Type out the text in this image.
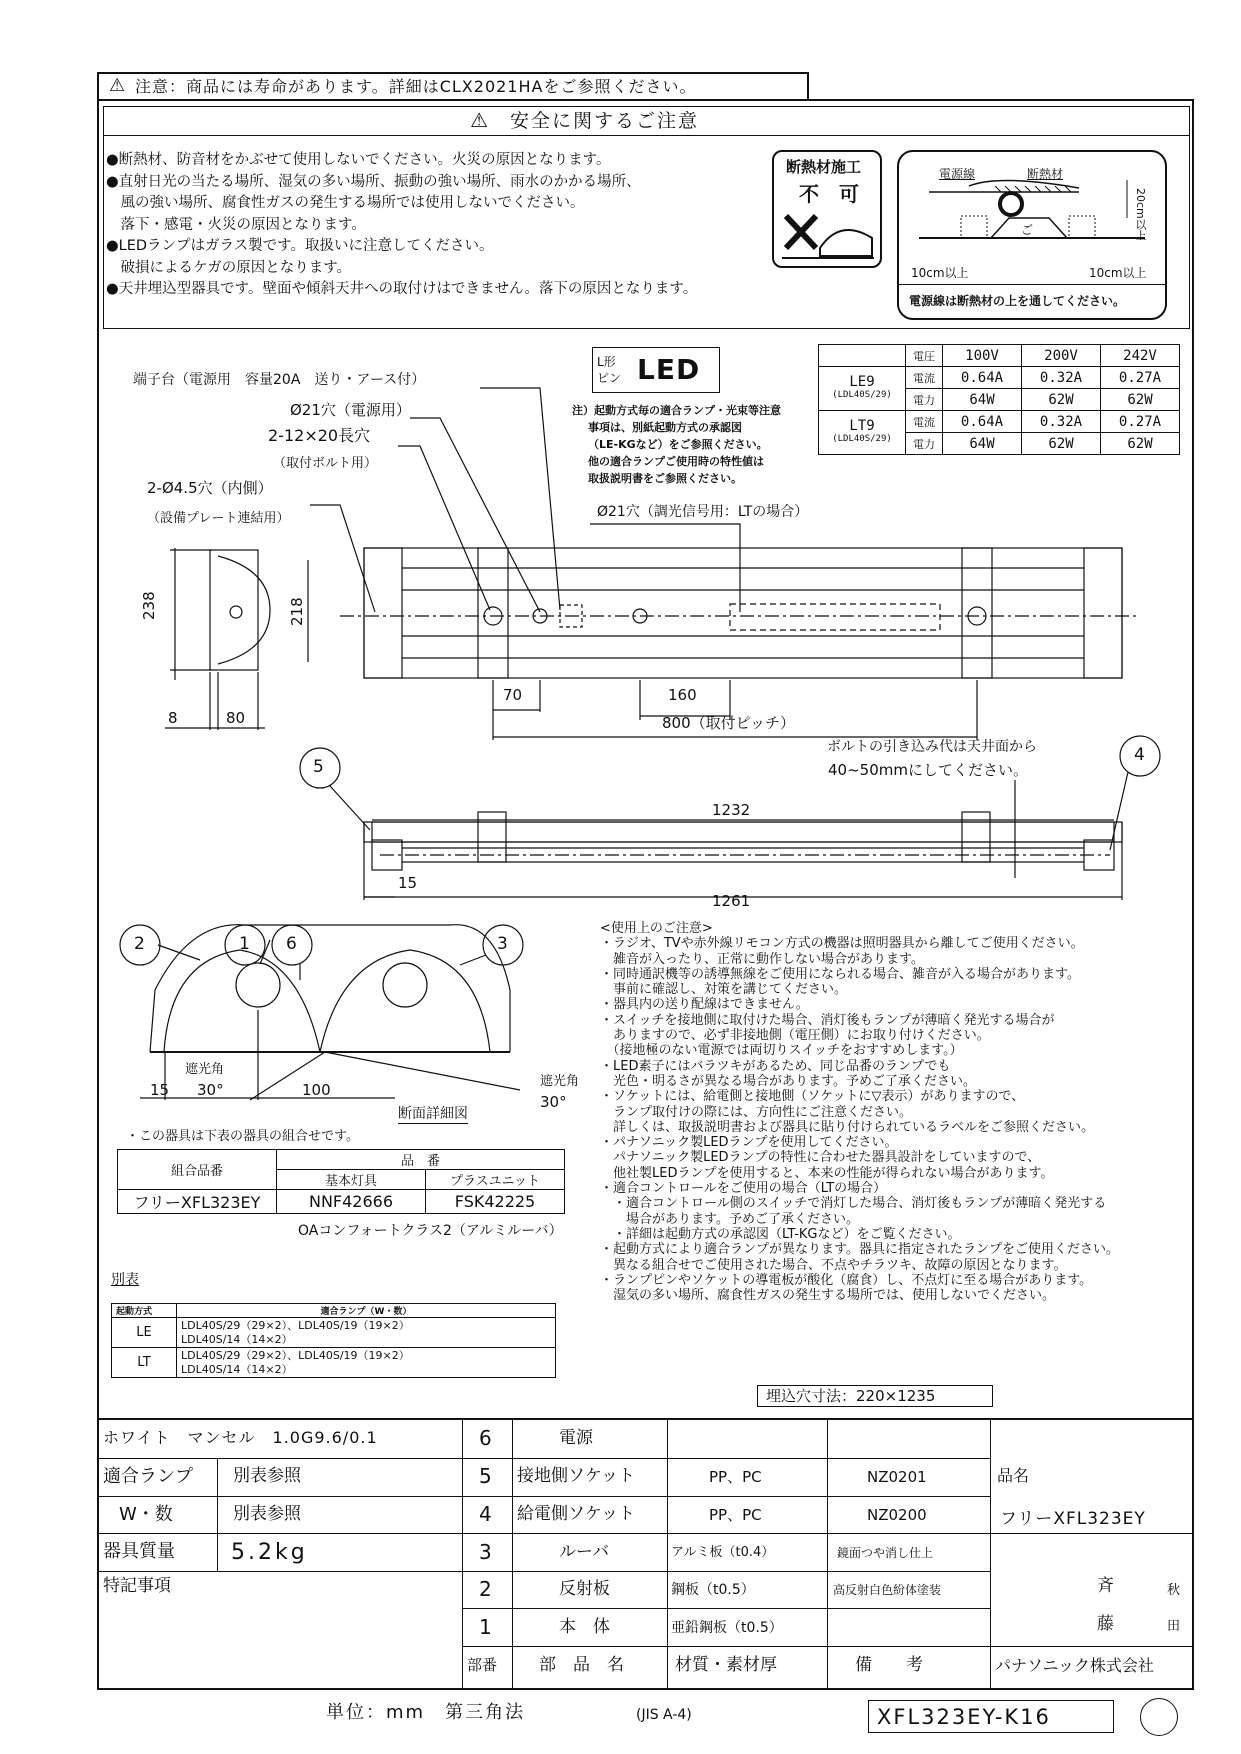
⚠ 注意：商品には寿命があります。詳細はCLX2021HAをご参照ください。
⚠ 安全に関するご注意
●断熱材、防音材をかぶせて使用しないでください。火災の原因となります。
●直射日光の当たる場所、湿気の多い場所、振動の強い場所、雨水のかかる場所、
　風の強い場所、腐食性ガスの発生する場所では使用しないでください。
　落下・感電・火災の原因となります。
●LEDランプはガラス製です。取扱いに注意してください。
　破損によるケガの原因となります。
●天井埋込型器具です。壁面や傾斜天井への取付けはできません。落下の原因となります。
断熱材施工
不　可
電源線	断熱材
ご	20cm以上
10cm以上	10cm以上
電源線は断熱材の上を通してください。
L形ピン LED
注）起動方式毎の適合ランプ・光束等注意
事項は、別紙起動方式の承認図
（LE-KGなど）をご参照ください。
他の適合ランプご使用時の特性値は
取扱説明書をご参照ください。
	電圧	100V	200V	242V

LE9
(LDL40S/29)	電流	0.64A	0.32A	0.27A
	電力	64W	62W	62W

LT9
(LDL40S/29)	電流	0.64A	0.32A	0.27A
	電力	64W	62W	62W
端子台（電源用　容量20A　送り・アース付）
Ø21穴（電源用）
2-12×20長穴
（取付ボルト用）
2-Ø4.5穴（内側）
（設備プレート連結用）	Ø21穴（調光信号用：LTの場合）
238	218
8	80
70	160
800（取付ピッチ）
ボルトの引き込み代は天井面から
40~50mmにしてください。
1232
1261
15
5
4
2	1 6	3
遮光角
30°	遮光角
30°
15	100
断面詳細図
<使用上のご注意>
・ラジオ、TVや赤外線リモコン方式の機器は照明器具から離してご使用ください。
　雑音が入ったり、正常に動作しない場合があります。
・同時通訳機等の誘導無線をご使用になられる場合、雑音が入る場合があります。
　事前に確認し、対策を講じてください。
・器具内の送り配線はできません。
・スイッチを接地側に取付けた場合、消灯後もランプが薄暗く発光する場合が
　ありますので、必ず非接地側（電圧側）にお取り付けください。
　（接地極のない電源では両切りスイッチをおすすめします。）
・LED素子にはバラツキがあるため、同じ品番のランプでも
　光色・明るさが異なる場合があります。予めご了承ください。
・ソケットには、給電側と接地側（ソケットに▽表示）がありますので、
　ランプ取付けの際には、方向性にご注意ください。
　詳しくは、取扱説明書および器具に貼り付けられているラベルをご参照ください。
・パナソニック製LEDランプを使用してください。
　パナソニック製LEDランプの特性に合わせた器具設計をしていますので、
　他社製LEDランプを使用すると、本来の性能が得られない場合があります。
・適合コントロールをご使用の場合（LTの場合）
　・適合コントロール側のスイッチで消灯した場合、消灯後もランプが薄暗く発光する
　　場合があります。予めご了承ください。
　・詳細は起動方式の承認図（LT-KGなど）をご覧ください。
・起動方式により適合ランプが異なります。器具に指定されたランプをご使用ください。
　異なる組合せでご使用された場合、不点やチラツキ、故障の原因となります。
・ランプピンやソケットの導電板が酸化（腐食）し、不点灯に至る場合があります。
　湿気の多い場所、腐食性ガスの発生する場所では、使用しないでください。
・この器具は下表の器具の組合せです。
組合品番	品　番	
	基本灯具	プラスユニット
フリーXFL323EY	NNF42666	FSK42225
OAコンフォートクラス2（アルミルーバ）
別表
起動方式	適合ランプ（W・数）
LE	LDL40S/29（29×2）、LDL40S/19（19×2）
LDL40S/14（14×2）

LT	LDL40S/29（29×2）、LDL40S/19（19×2）
LDL40S/14（14×2）
埋込穴寸法：220×1235
ホワイト　マンセル　1.0G9.6/0.1
適合ランプ 別表参照
W・数	別表参照
器具質量	5.2kg
特記事項
6	電源
5 接地側ソケット	PP、PC	NZ0201
4 給電側ソケット	PP、PC	NZ0200
3	ルーバ	アルミ板（t0.4）	鏡面つや消し仕上
2	反射板	鋼板（t0.5）	高反射白色紛体塗装
1	本　体	亜鉛鋼板（t0.5）
部番 部　品　名	材質・素材厚	備　　考
品名
フリーXFL323EY
斉	秋
藤	田
パナソニック株式会社
単位：mm　第三角法	(JIS A-4)	XFL323EY-K16
